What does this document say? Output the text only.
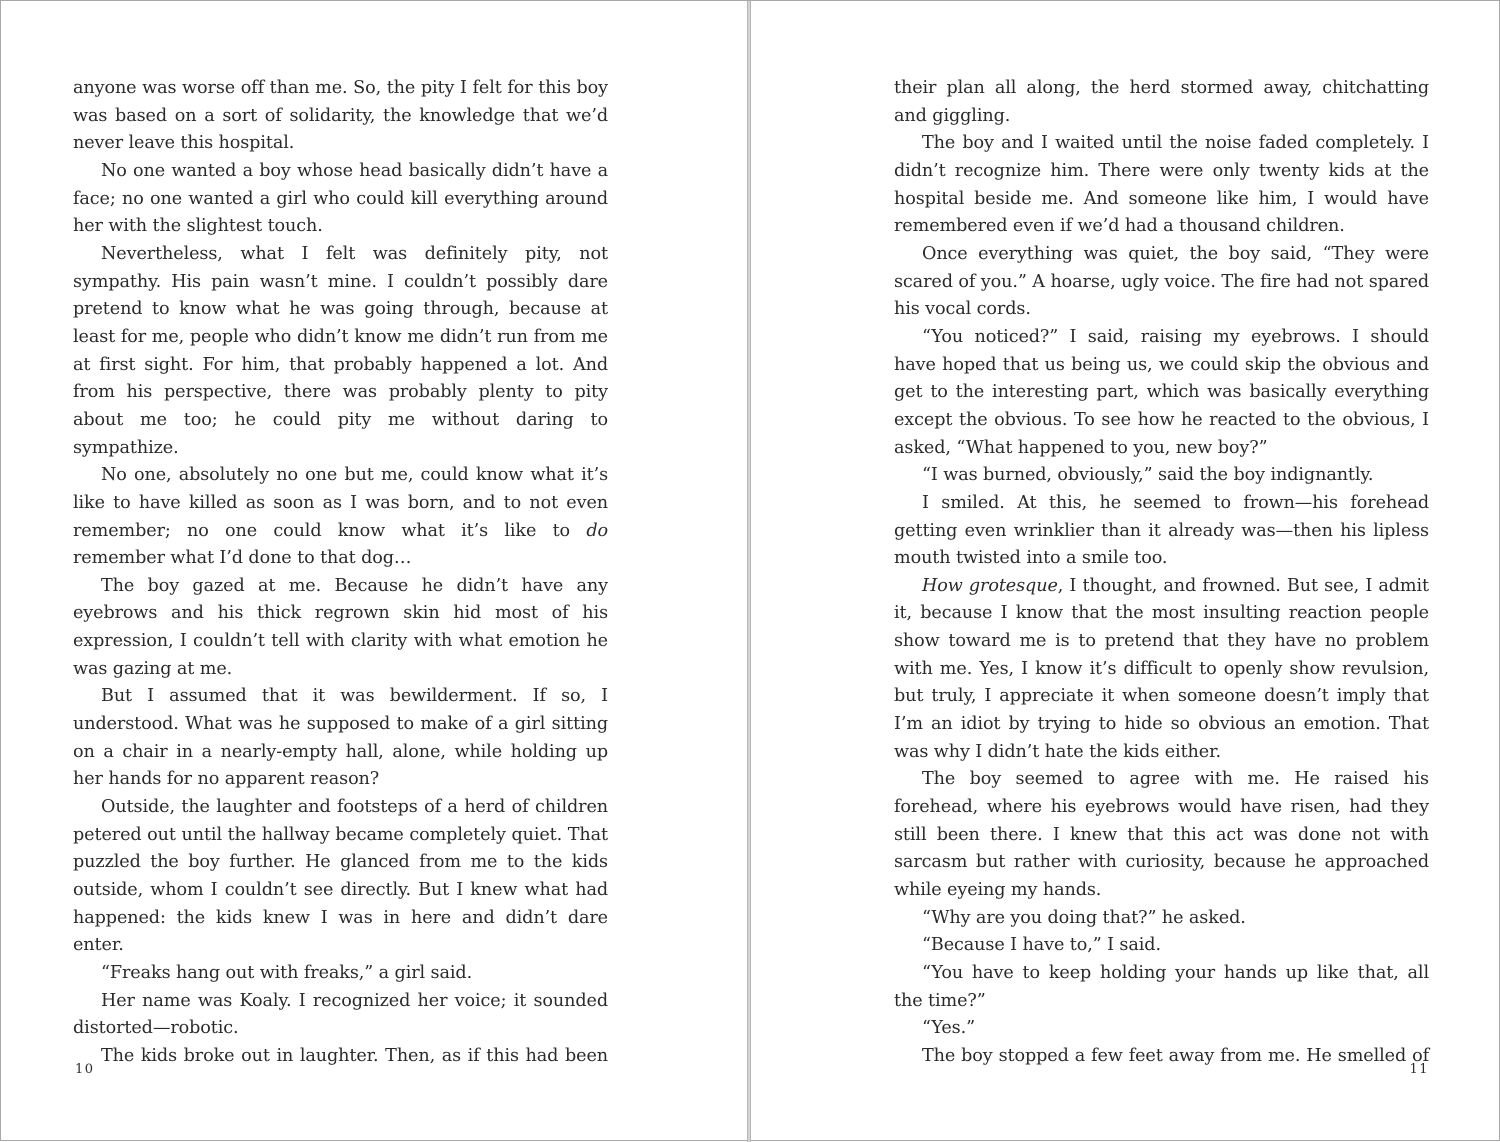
anyone was worse off than me. So, the pity I felt for this boy was based on a sort of solidarity, the knowledge that we’d never leave this hospital.

No one wanted a boy whose head basically didn’t have a face; no one wanted a girl who could kill everything around her with the slightest touch.

Nevertheless, what I felt was definitely pity, not sympathy. His pain wasn’t mine. I couldn’t possibly dare pretend to know what he was going through, because at least for me, people who didn’t know me didn’t run from me at first sight. For him, that probably happened a lot. And from his perspective, there was probably plenty to pity about me too; he could pity me without daring to sympathize.

No one, absolutely no one but me, could know what it’s like to have killed as soon as I was born, and to not even remember; no one could know what it’s like to do remember what I’d done to that dog…

The boy gazed at me. Because he didn’t have any eyebrows and his thick regrown skin hid most of his expression, I couldn’t tell with clarity with what emotion he was gazing at me.

But I assumed that it was bewilderment. If so, I understood. What was he supposed to make of a girl sitting on a chair in a nearly-empty hall, alone, while holding up her hands for no apparent reason?

Outside, the laughter and footsteps of a herd of children petered out until the hallway became completely quiet. That puzzled the boy further. He glanced from me to the kids outside, whom I couldn’t see directly. But I knew what had happened: the kids knew I was in here and didn’t dare enter.

“Freaks hang out with freaks,” a girl said.

Her name was Koaly. I recognized her voice; it sounded distorted—robotic.

The kids broke out in laughter. Then, as if this had been

10

their plan all along, the herd stormed away, chitchatting and giggling.

The boy and I waited until the noise faded completely. I didn’t recognize him. There were only twenty kids at the hospital beside me. And someone like him, I would have remembered even if we’d had a thousand children.

Once everything was quiet, the boy said, “They were scared of you.” A hoarse, ugly voice. The fire had not spared his vocal cords.

“You noticed?” I said, raising my eyebrows. I should have hoped that us being us, we could skip the obvious and get to the interesting part, which was basically everything except the obvious. To see how he reacted to the obvious, I asked, “What happened to you, new boy?”

“I was burned, obviously,” said the boy indignantly.

I smiled. At this, he seemed to frown—his forehead getting even wrinklier than it already was—then his lipless mouth twisted into a smile too.

How grotesque, I thought, and frowned. But see, I admit it, because I know that the most insulting reaction people show toward me is to pretend that they have no problem with me. Yes, I know it’s difficult to openly show revulsion, but truly, I appreciate it when someone doesn’t imply that I’m an idiot by trying to hide so obvious an emotion. That was why I didn’t hate the kids either.

The boy seemed to agree with me. He raised his forehead, where his eyebrows would have risen, had they still been there. I knew that this act was done not with sarcasm but rather with curiosity, because he approached while eyeing my hands.

“Why are you doing that?” he asked.

“Because I have to,” I said.

“You have to keep holding your hands up like that, all the time?”

“Yes.”

The boy stopped a few feet away from me. He smelled of

11
